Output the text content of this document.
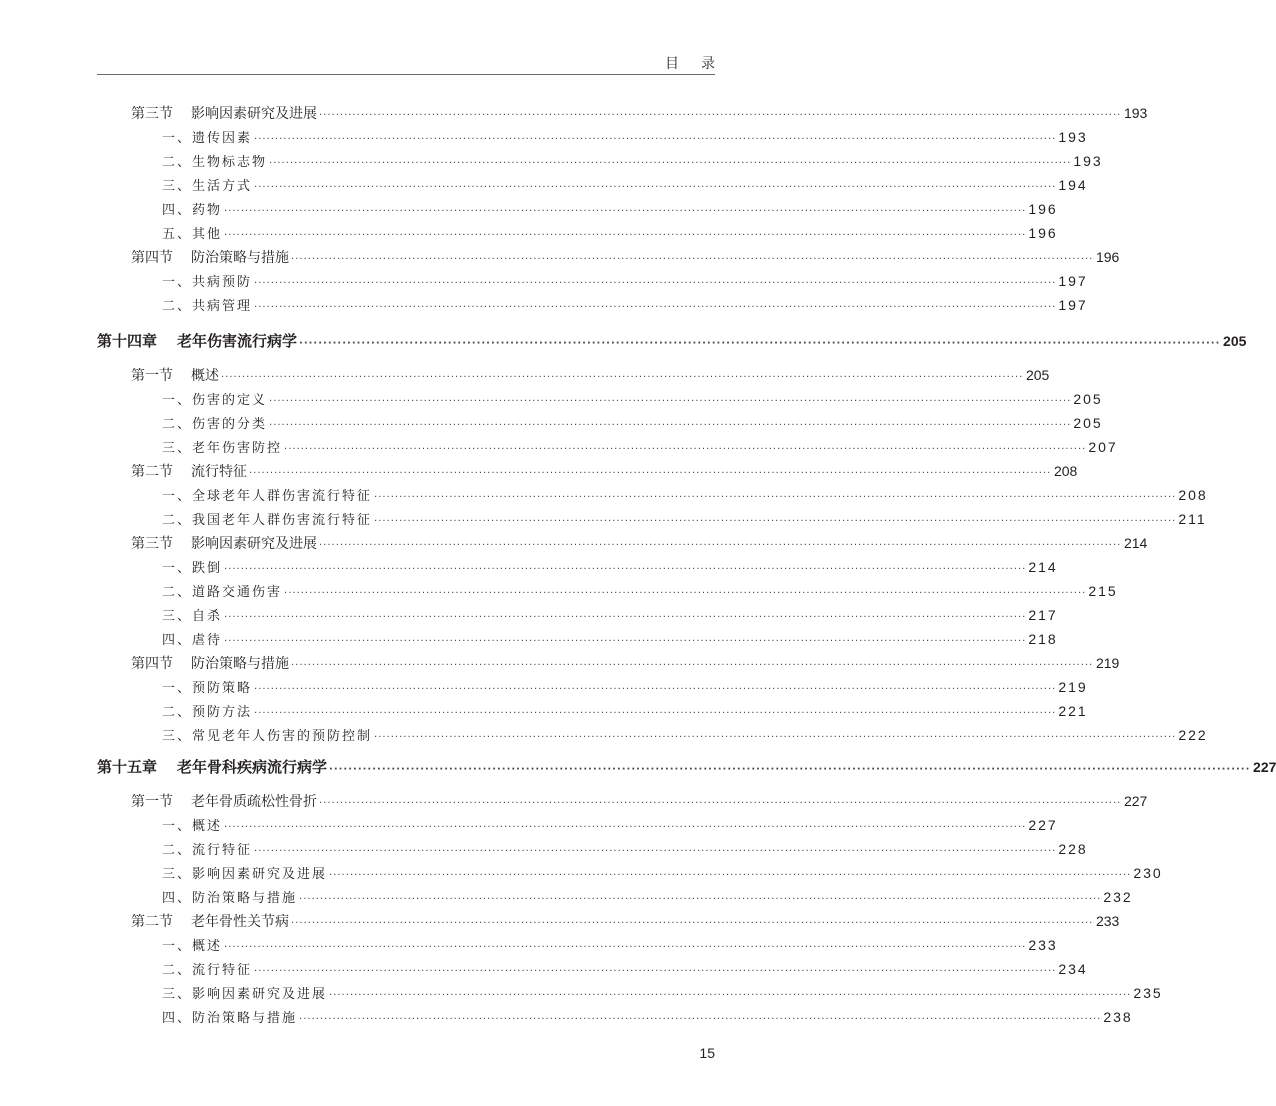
目录
第三节 影响因素研究及进展 ·····	193
一、遗传因素 ·····	193
二、生物标志物 ·····	193
三、生活方式 ·····	194
四、药物 ·····	196
五、其他 ·····	196
第四节 防治策略与措施 ·····	196
一、共病预防 ·····	197
二、共病管理 ·····	197
第十四章 老年伤害流行病学 ·····	205
第一节 概述 ·····	205
一、伤害的定义 ·····	205
二、伤害的分类 ·····	205
三、老年伤害防控 ·····	207
第二节 流行特征 ·····	208
一、全球老年人群伤害流行特征 ·····	208
二、我国老年人群伤害流行特征 ·····	211
第三节 影响因素研究及进展 ·····	214
一、跌倒 ·····	214
二、道路交通伤害 ·····	215
三、自杀 ·····	217
四、虐待 ·····	218
第四节 防治策略与措施 ·····	219
一、预防策略 ·····	219
二、预防方法 ·····	221
三、常见老年人伤害的预防控制 ·····	222
第十五章 老年骨科疾病流行病学 ·····	227
第一节 老年骨质疏松性骨折 ·····	227
一、概述 ·····	227
二、流行特征 ·····	228
三、影响因素研究及进展 ·····	230
四、防治策略与措施 ·····	232
第二节 老年骨性关节病 ·····	233
一、概述 ·····	233
二、流行特征 ·····	234
三、影响因素研究及进展 ·····	235
四、防治策略与措施 ·····	238
15
